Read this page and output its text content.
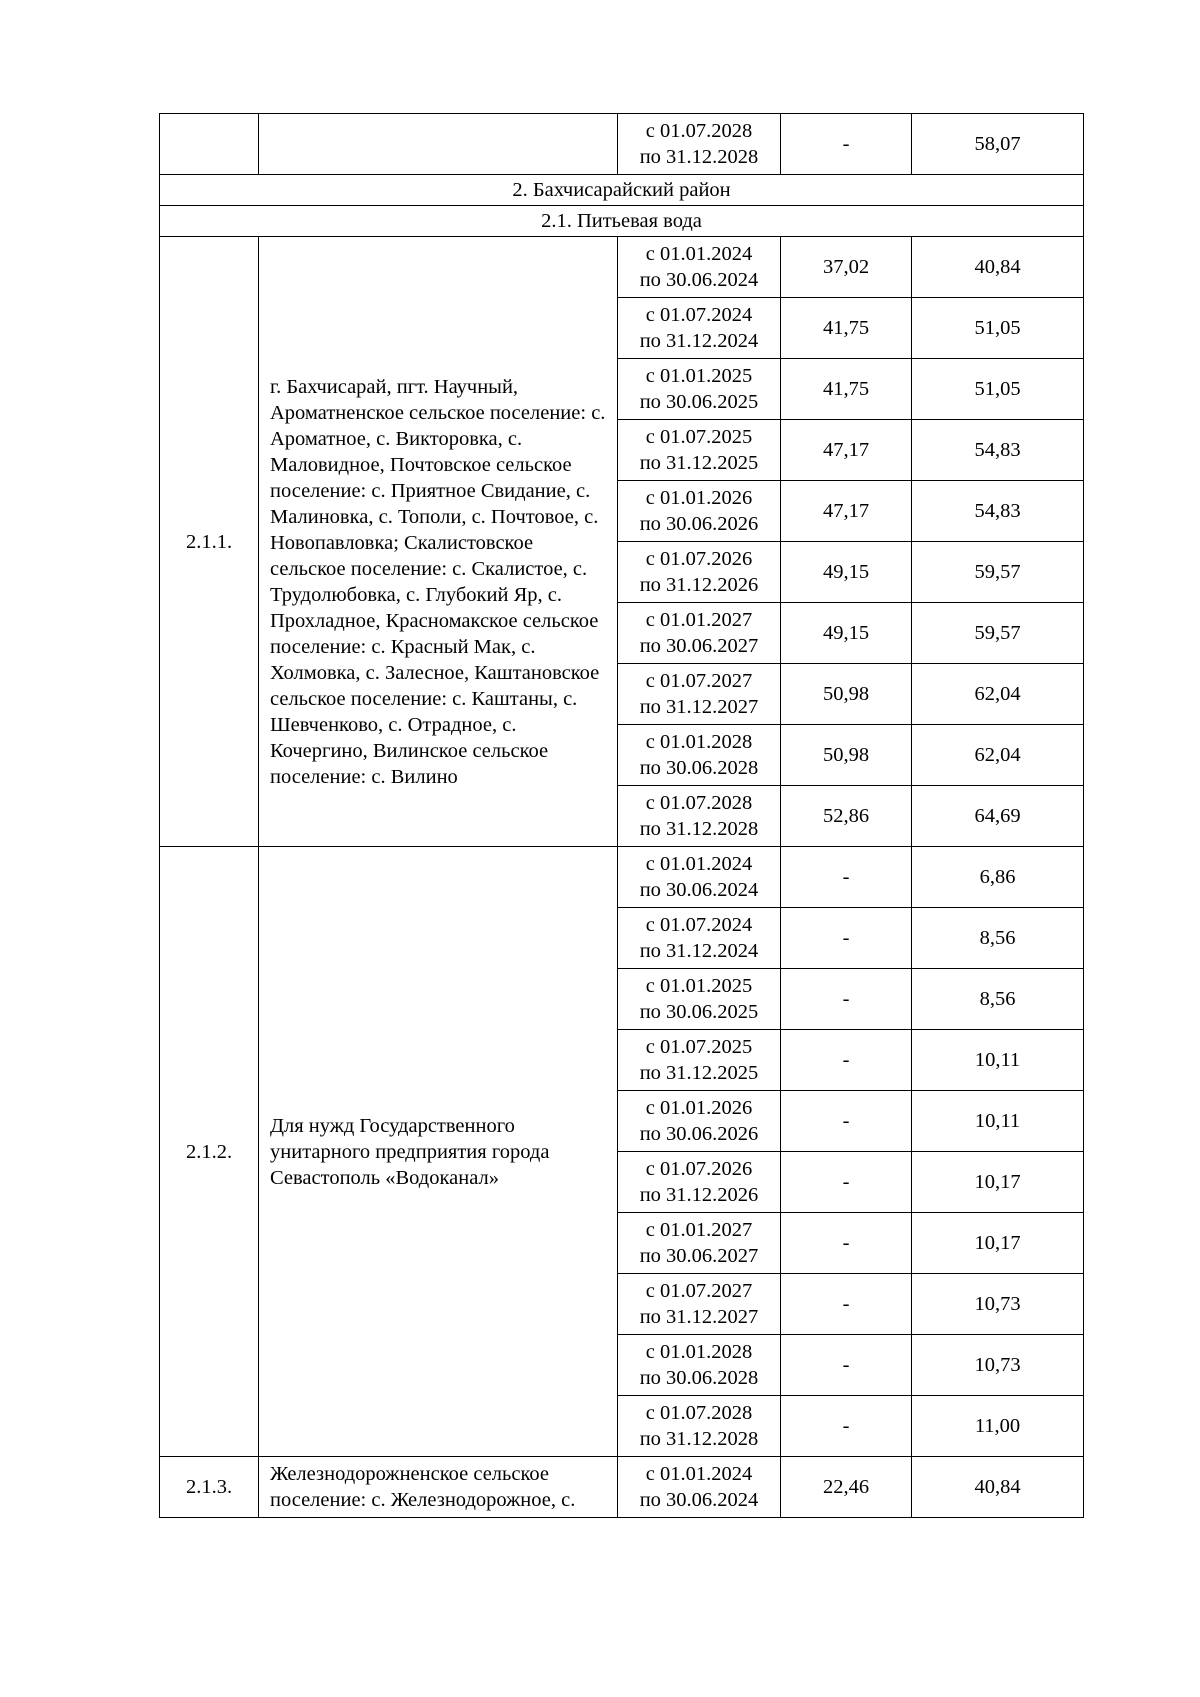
		с 01.07.2028
по 31.12.2028	-	58,07
2. Бахчисарайский район				
2.1. Питьевая вода				
2.1.1.	г. Бахчисарай, пгт. Научный, Ароматненское сельское поселение: с. Ароматное, с. Викторовка, с. Маловидное, Почтовское сельское поселение: с. Приятное Свидание, с. Малиновка, с. Тополи, с. Почтовое, с. Новопавловка; Скалистовское сельское поселение: с. Скалистое, с. Трудолюбовка, с. Глубокий Яр, с. Прохладное, Красномакское сельское поселение: с. Красный Мак, с. Холмовка, с. Залесное, Каштановское сельское поселение: с. Каштаны, с. Шевченково, с. Отрадное, с. Кочергино, Вилинское сельское поселение: с. Вилино	с 01.01.2024
по 30.06.2024	37,02	40,84

		с 01.07.2024
по 31.12.2024	41,75	51,05

		с 01.01.2025
по 30.06.2025	41,75	51,05

		с 01.07.2025
по 31.12.2025	47,17	54,83

		с 01.01.2026
по 30.06.2026	47,17	54,83

		с 01.07.2026
по 31.12.2026	49,15	59,57

		с 01.01.2027
по 30.06.2027	49,15	59,57

		с 01.07.2027
по 31.12.2027	50,98	62,04

		с 01.01.2028
по 30.06.2028	50,98	62,04

		с 01.07.2028
по 31.12.2028	52,86	64,69
2.1.2.	Для нужд Государственного унитарного предприятия города Севастополь «Водоканал»	с 01.01.2024
по 30.06.2024	-	6,86

		с 01.07.2024
по 31.12.2024	-	8,56

		с 01.01.2025
по 30.06.2025	-	8,56

		с 01.07.2025
по 31.12.2025	-	10,11

		с 01.01.2026
по 30.06.2026	-	10,11

		с 01.07.2026
по 31.12.2026	-	10,17

		с 01.01.2027
по 30.06.2027	-	10,17

		с 01.07.2027
по 31.12.2027	-	10,73

		с 01.01.2028
по 30.06.2028	-	10,73

		с 01.07.2028
по 31.12.2028	-	11,00
2.1.3.	Железнодорожненское сельское поселение: с. Железнодорожное, с.	с 01.01.2024
по 30.06.2024	22,46	40,84
